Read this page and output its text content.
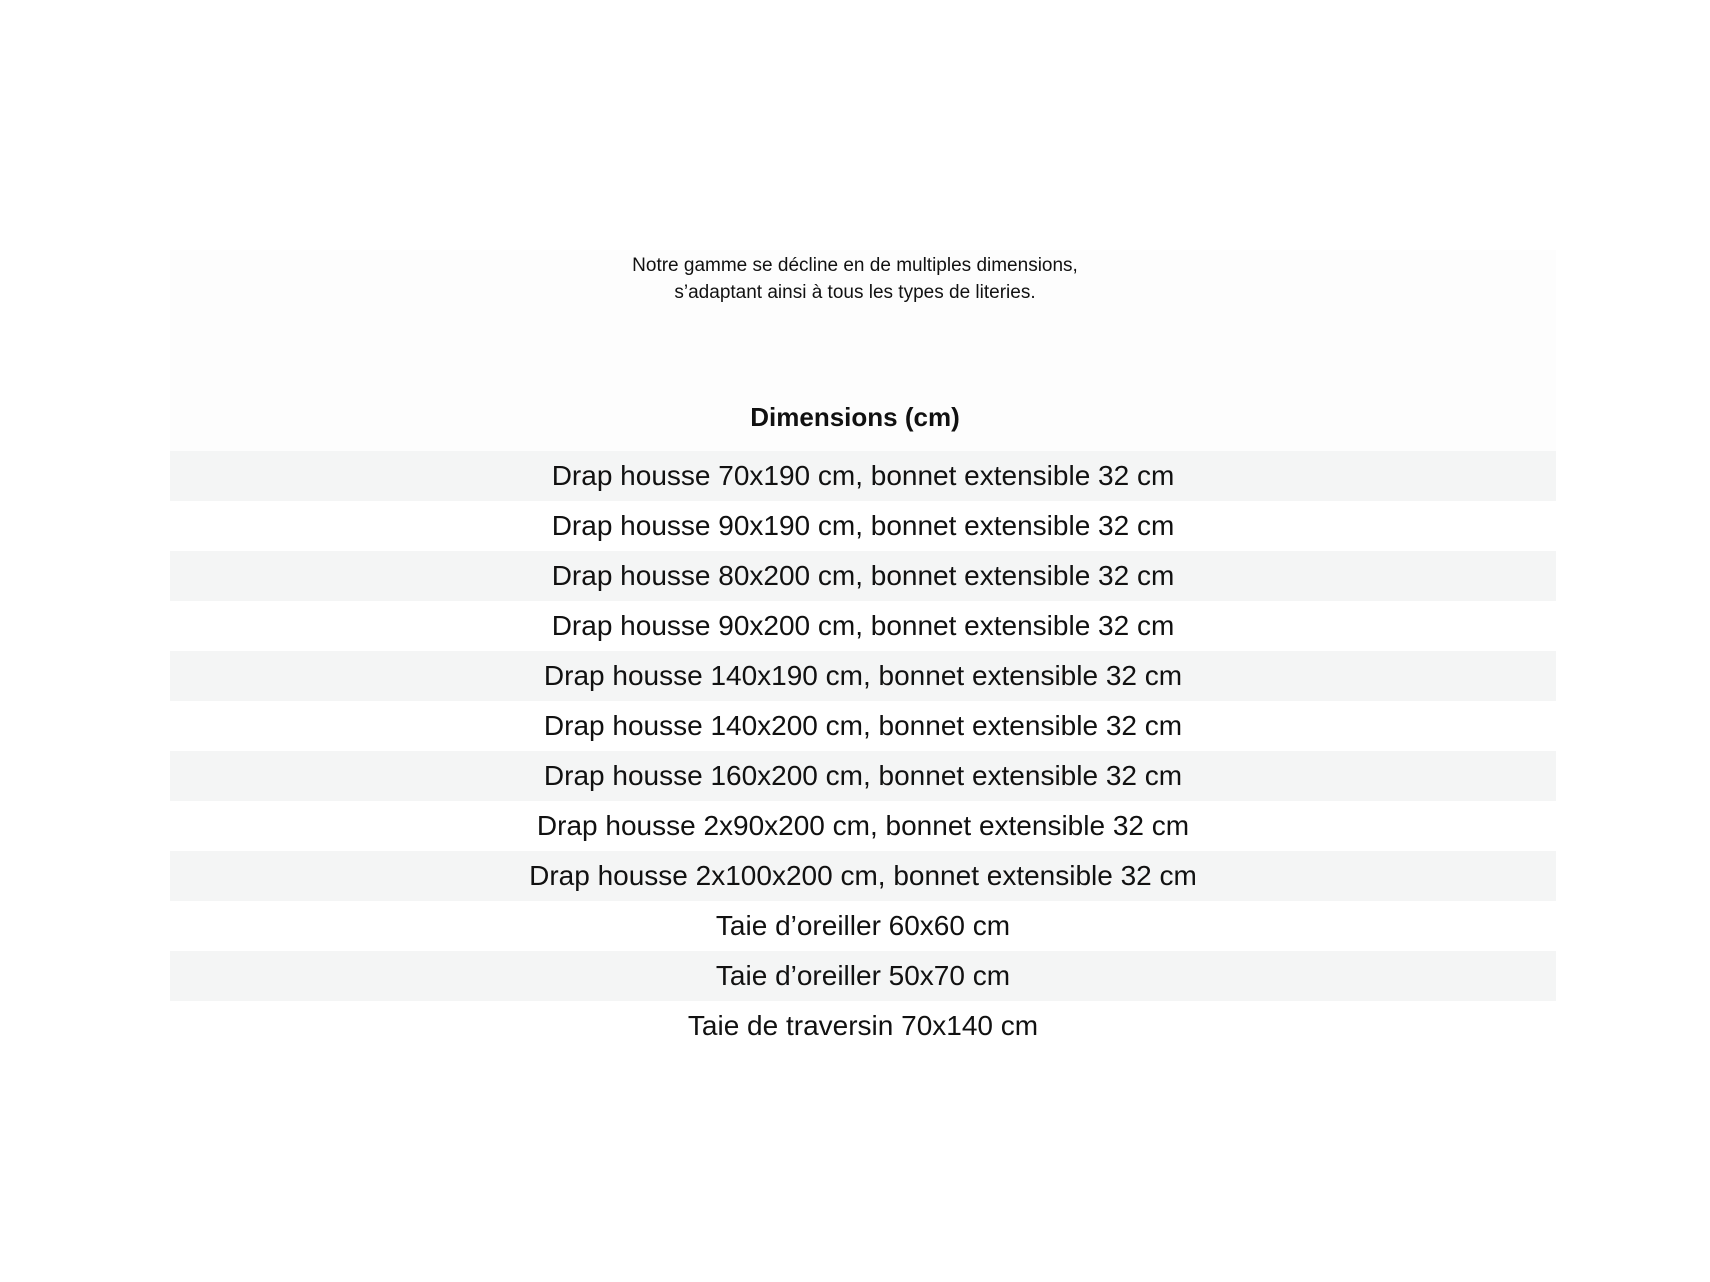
Notre gamme se décline en de multiples dimensions,
s’adaptant ainsi à tous les types de literies.
Dimensions (cm)
Drap housse 70x190 cm, bonnet extensible 32 cm
Drap housse 90x190 cm, bonnet extensible 32 cm
Drap housse 80x200 cm, bonnet extensible 32 cm
Drap housse 90x200 cm, bonnet extensible 32 cm
Drap housse 140x190 cm, bonnet extensible 32 cm
Drap housse 140x200 cm, bonnet extensible 32 cm
Drap housse 160x200 cm, bonnet extensible 32 cm
Drap housse 2x90x200 cm, bonnet extensible 32 cm
Drap housse 2x100x200 cm, bonnet extensible 32 cm
Taie d’oreiller 60x60 cm
Taie d’oreiller 50x70 cm
Taie de traversin 70x140 cm
